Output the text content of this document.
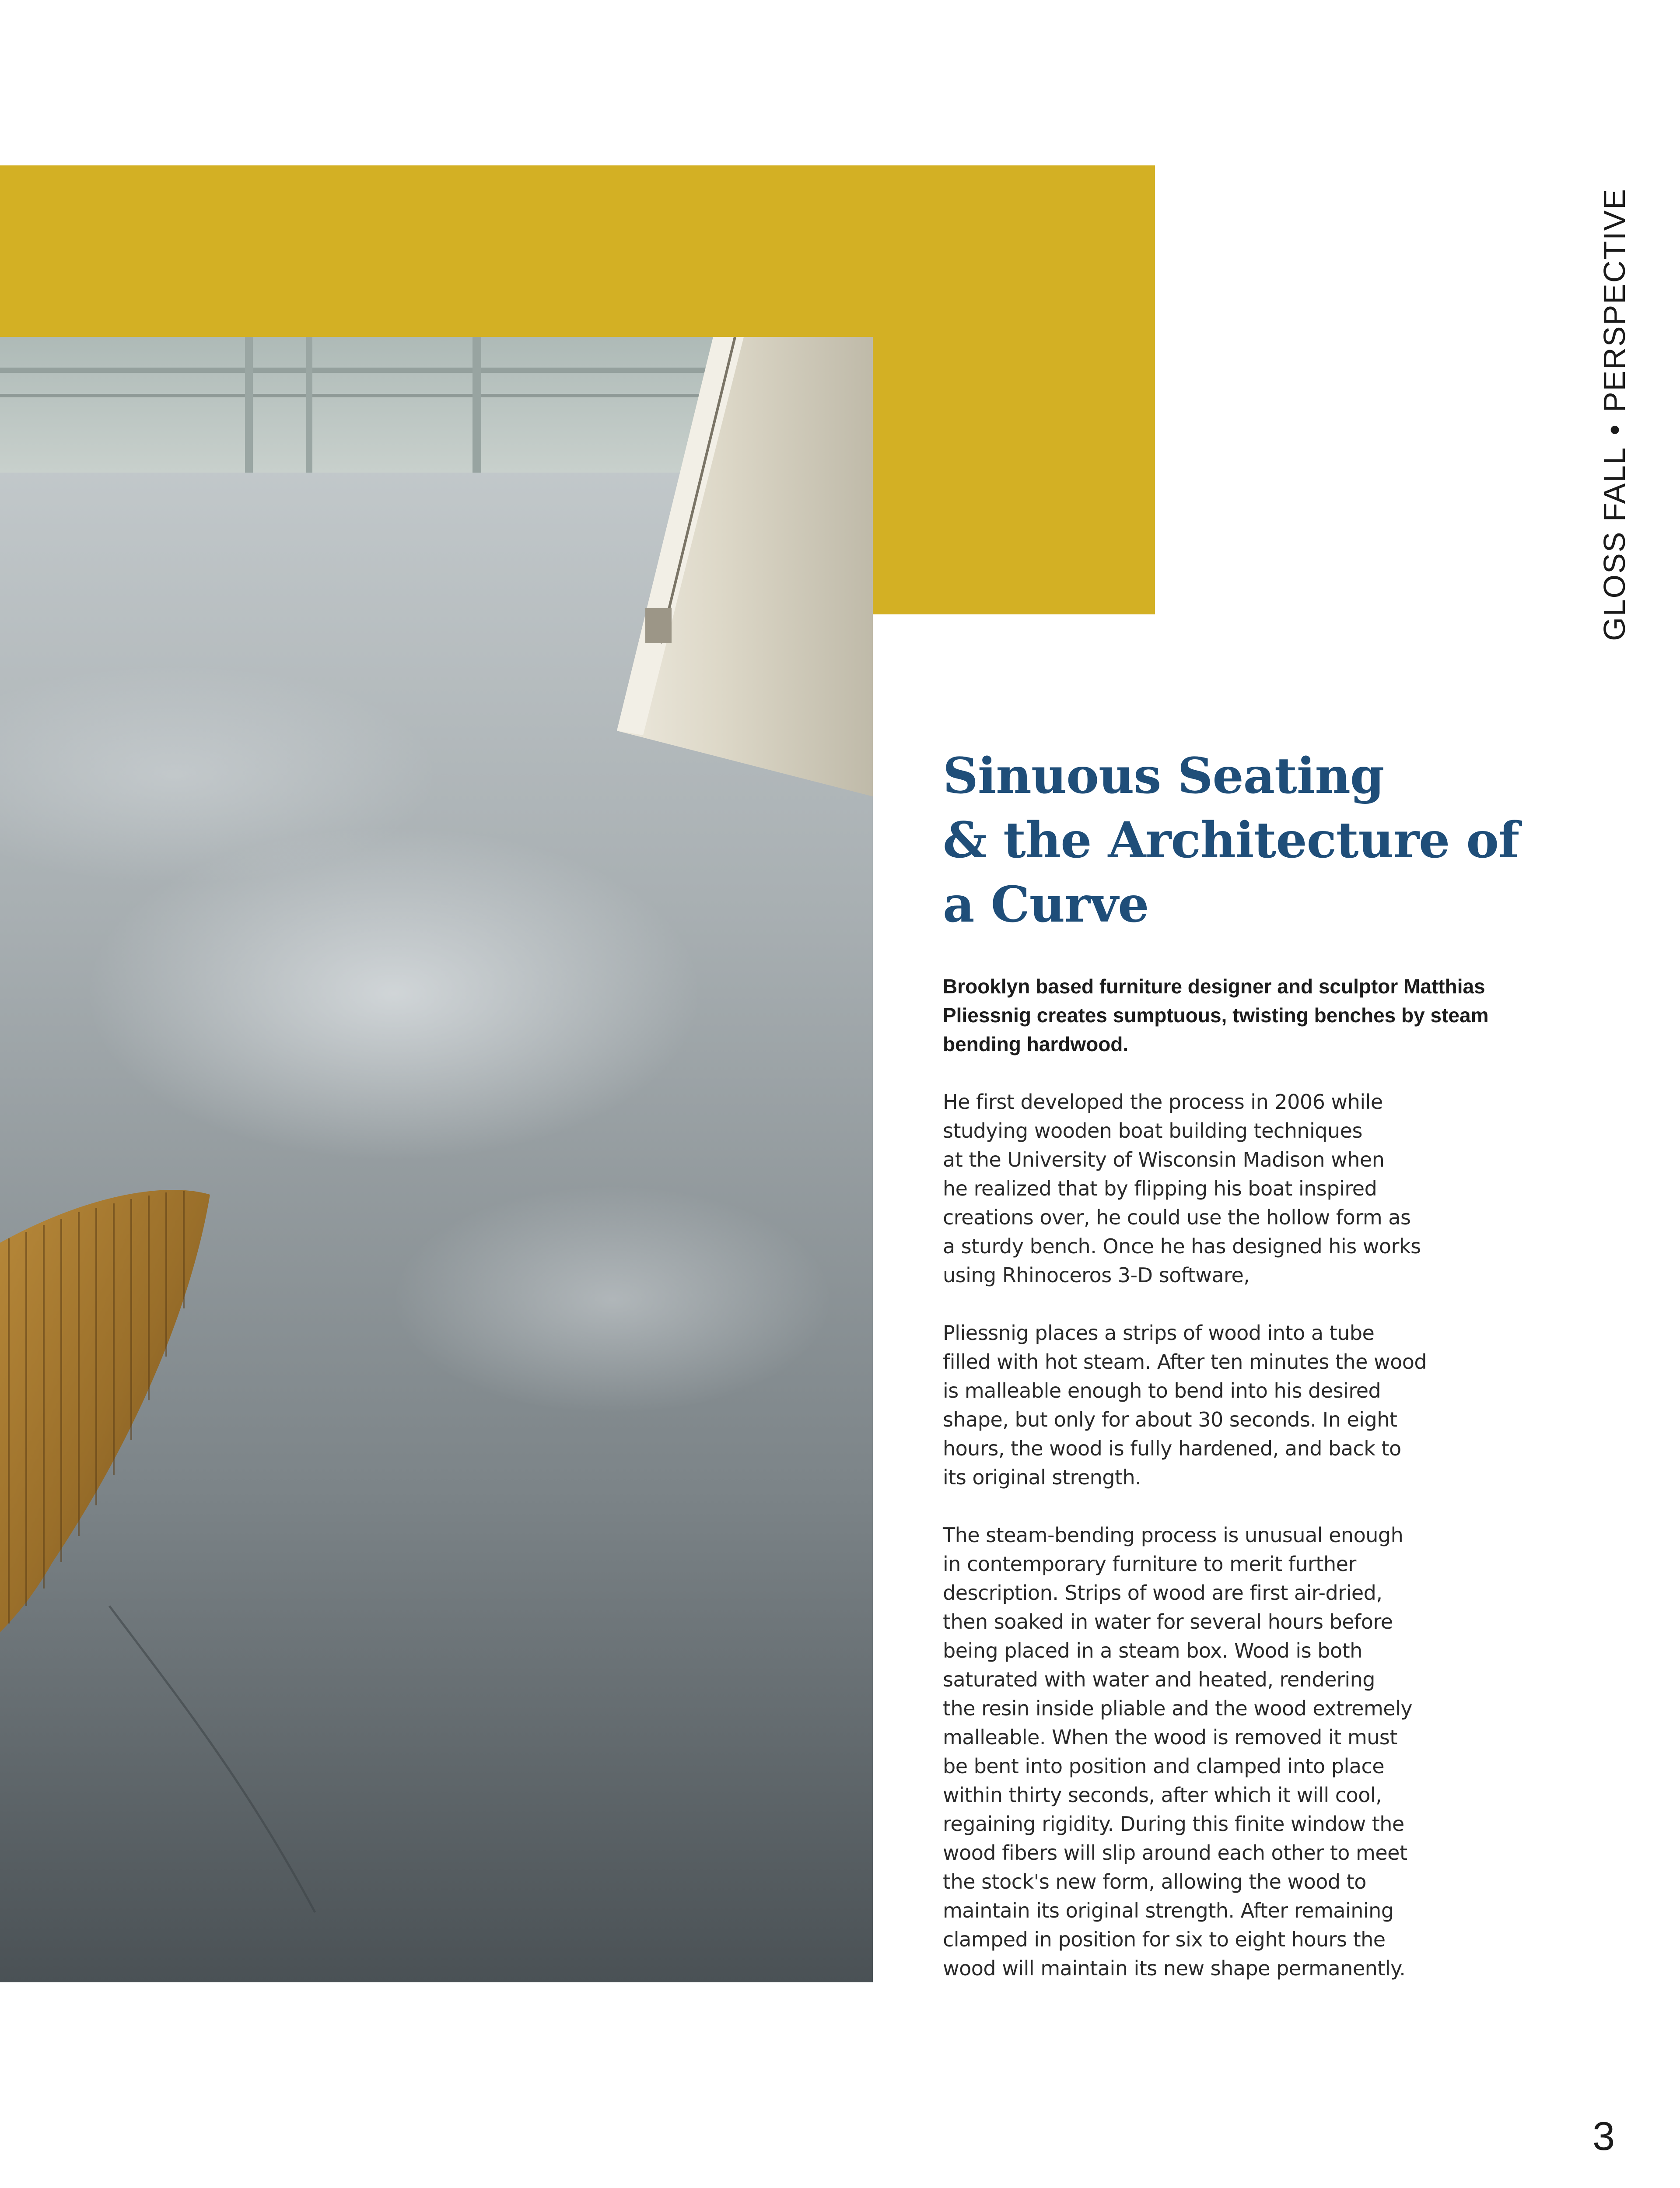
GLOSS FALL
•
PERSPECTIVE
Sinuous Seating
& the Architecture of
a Curve

Brooklyn based furniture designer and sculptor Matthias
Pliessnig creates sumptuous, twisting benches by steam
bending hardwood.

He first developed the process in 2006 while
studying wooden boat building techniques
at the University of Wisconsin Madison when
he realized that by flipping his boat inspired
creations over, he could use the hollow form as
a sturdy bench. Once he has designed his works
using Rhinoceros 3-D software,

Pliessnig places a strips of wood into a tube
filled with hot steam. After ten minutes the wood
is malleable enough to bend into his desired
shape, but only for about 30 seconds. In eight
hours, the wood is fully hardened, and back to
its original strength.

The steam-bending process is unusual enough
in contemporary furniture to merit further
description. Strips of wood are first air-dried,
then soaked in water for several hours before
being placed in a steam box. Wood is both
saturated with water and heated, rendering
the resin inside pliable and the wood extremely
malleable. When the wood is removed it must
be bent into position and clamped into place
within thirty seconds, after which it will cool,
regaining rigidity. During this finite window the
wood fibers will slip around each other to meet
the stock's new form, allowing the wood to
maintain its original strength. After remaining
clamped in position for six to eight hours the
wood will maintain its new shape permanently.

3
